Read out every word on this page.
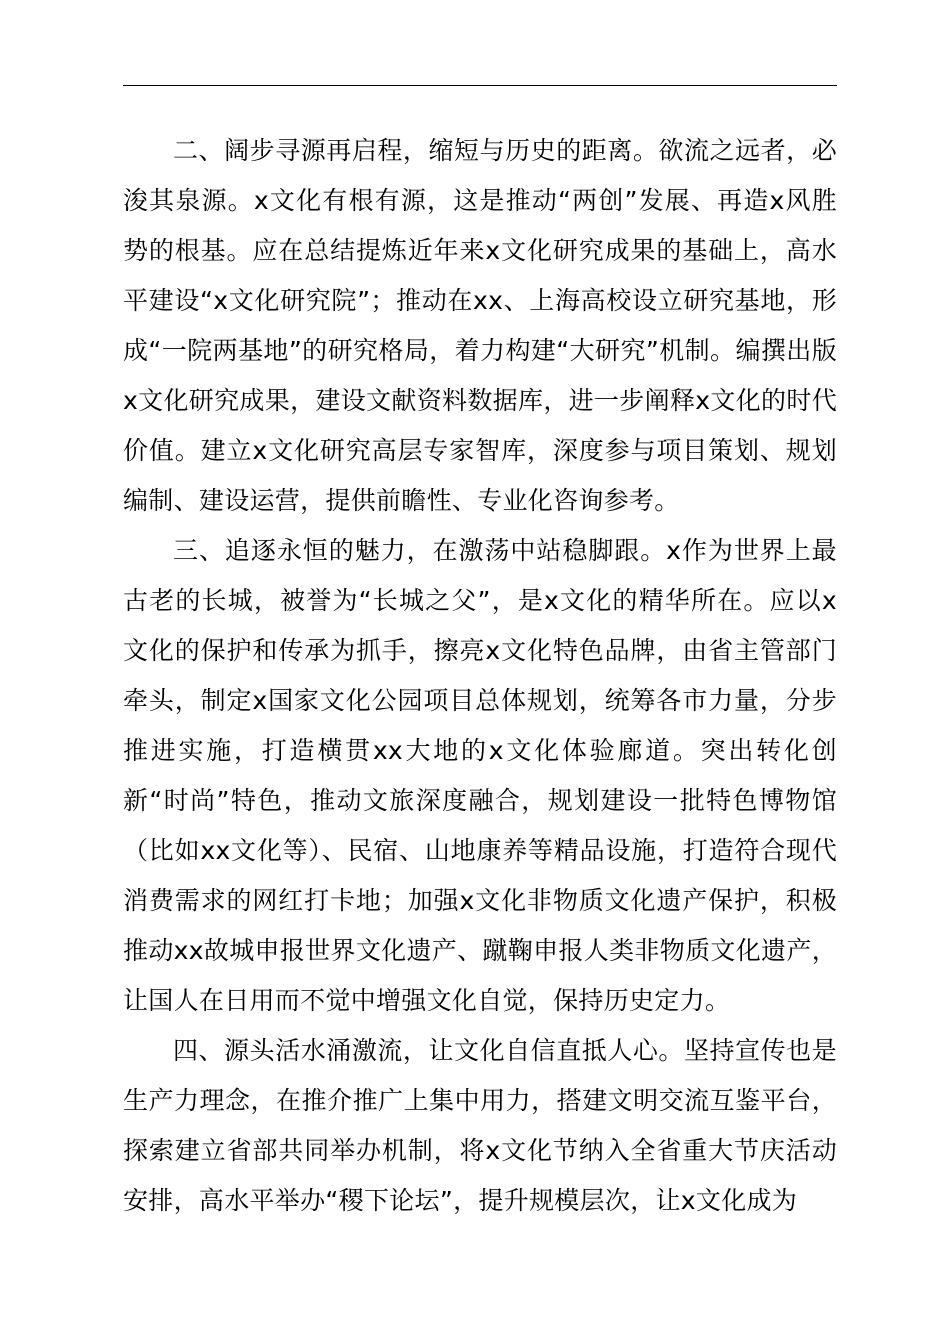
二、阔步寻源再启程，缩短与历史的距离。欲流之远者，必浚其泉源。x文化有根有源，这是推动“两创”发展、再造x风胜势的根基。应在总结提炼近年来x文化研究成果的基础上，高水平建设“x文化研究院”；推动在xx、上海高校设立研究基地，形成“一院两基地”的研究格局，着力构建“大研究”机制。编撰出版x文化研究成果，建设文献资料数据库，进一步阐释x文化的时代价值。建立x文化研究高层专家智库，深度参与项目策划、规划编制、建设运营，提供前瞻性、专业化咨询参考。

三、追逐永恒的魅力，在激荡中站稳脚跟。x作为世界上最古老的长城，被誉为“长城之父”，是x文化的精华所在。应以x文化的保护和传承为抓手，擦亮x文化特色品牌，由省主管部门牵头，制定x国家文化公园项目总体规划，统筹各市力量，分步推进实施，打造横贯xx大地的x文化体验廊道。突出转化创新“时尚”特色，推动文旅深度融合，规划建设一批特色博物馆（比如xx文化等）、民宿、山地康养等精品设施，打造符合现代消费需求的网红打卡地；加强x文化非物质文化遗产保护，积极推动xx故城申报世界文化遗产、蹴鞠申报人类非物质文化遗产，让国人在日用而不觉中增强文化自觉，保持历史定力。

四、源头活水涌激流，让文化自信直抵人心。坚持宣传也是生产力理念，在推介推广上集中用力，搭建文明交流互鉴平台，探索建立省部共同举办机制，将x文化节纳入全省重大节庆活动安排，高水平举办“稷下论坛”，提升规模层次，让x文化成为
